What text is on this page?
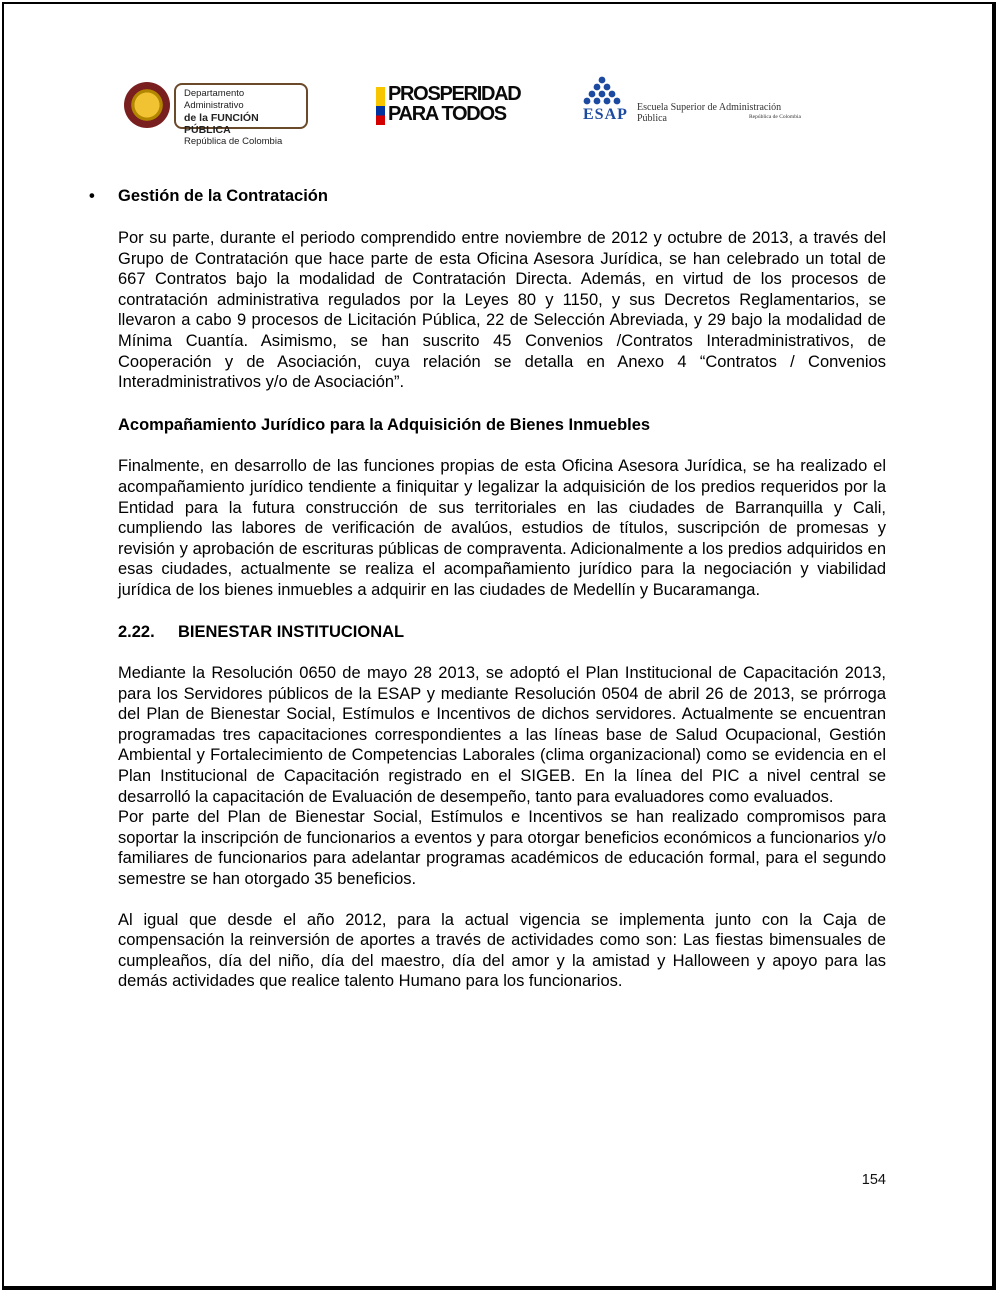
Departamento Administrativo
de la FUNCIÓN PÚBLICA
República de Colombia
PROSPERIDAD
PARA TODOS	ESAP Escuela Superior de Administración Pública	República de Colombia
• Gestión de la Contratación

Por su parte, durante el periodo comprendido entre noviembre de 2012 y octubre de 2013, a través del Grupo de Contratación que hace parte de esta Oficina Asesora Jurídica, se han celebrado un total de 667 Contratos bajo la modalidad de Contratación Directa. Además, en virtud de los procesos de contratación administrativa regulados por la Leyes 80 y 1150, y sus Decretos Reglamentarios, se llevaron a cabo 9 procesos de Licitación Pública, 22 de Selección Abreviada, y 29 bajo la modalidad de Mínima Cuantía. Asimismo, se han suscrito 45 Convenios /Contratos Interadministrativos, de Cooperación y de Asociación, cuya relación se detalla en Anexo 4 “Contratos / Convenios Interadministrativos y/o de Asociación”.

Acompañamiento Jurídico para la Adquisición de Bienes Inmuebles

Finalmente, en desarrollo de las funciones propias de esta Oficina Asesora Jurídica, se ha realizado el acompañamiento jurídico tendiente a finiquitar y legalizar la adquisición de los predios requeridos por la Entidad para la futura construcción de sus territoriales en las ciudades de Barranquilla y Cali, cumpliendo las labores de verificación de avalúos, estudios de títulos, suscripción de promesas y revisión y aprobación de escrituras públicas de compraventa. Adicionalmente a los predios adquiridos en esas ciudades, actualmente se realiza el acompañamiento jurídico para la negociación y viabilidad jurídica de los bienes inmuebles a adquirir en las ciudades de Medellín y Bucaramanga.

2.22. BIENESTAR INSTITUCIONAL

Mediante la Resolución 0650 de mayo 28 2013, se adoptó el Plan Institucional de Capacitación 2013, para los Servidores públicos de la ESAP y mediante Resolución 0504 de abril 26 de 2013, se prórroga del Plan de Bienestar Social, Estímulos e Incentivos de dichos servidores. Actualmente se encuentran programadas tres capacitaciones correspondientes a las líneas base de Salud Ocupacional, Gestión Ambiental y Fortalecimiento de Competencias Laborales (clima organizacional) como se evidencia en el Plan Institucional de Capacitación registrado en el SIGEB. En la línea del PIC a nivel central se desarrolló la capacitación de Evaluación de desempeño, tanto para evaluadores como evaluados.

Por parte del Plan de Bienestar Social, Estímulos e Incentivos se han realizado compromisos para soportar la inscripción de funcionarios a eventos y para otorgar beneficios económicos a funcionarios y/o familiares de funcionarios para adelantar programas académicos de educación formal, para el segundo semestre se han otorgado 35 beneficios.

Al igual que desde el año 2012, para la actual vigencia se implementa junto con la Caja de compensación la reinversión de aportes a través de actividades como son: Las fiestas bimensuales de cumpleaños, día del niño, día del maestro, día del amor y la amistad y Halloween y apoyo para las demás actividades que realice talento Humano para los funcionarios.

154
